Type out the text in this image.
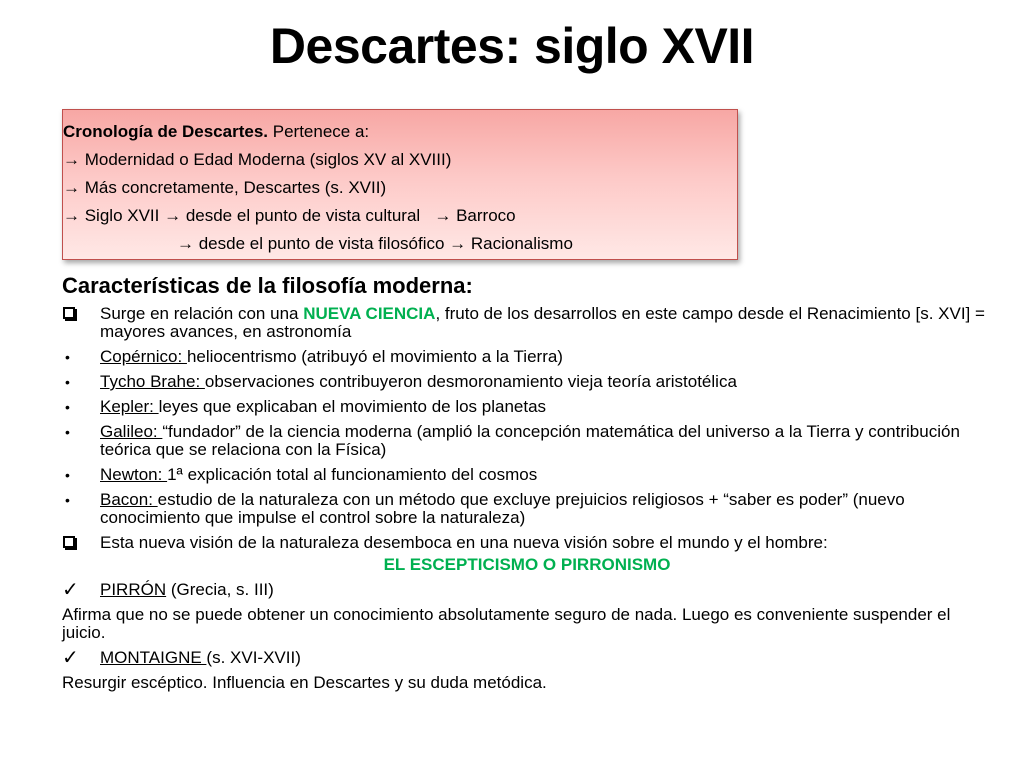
Descartes: siglo XVII
Cronología de Descartes. Pertenece a:
→ Modernidad o Edad Moderna (siglos XV al XVIII)
→ Más concretamente, Descartes (s. XVII)
→ Siglo XVII → desde el punto de vista cultural   → Barroco
→ desde el punto de vista filosófico → Racionalismo
Características de la filosofía moderna:
Surge en relación con una NUEVA CIENCIA, fruto de los desarrollos en este campo desde el Renacimiento [s. XVI] = mayores avances, en astronomía
•	Copérnico: heliocentrismo (atribuyó el movimiento a la Tierra)
•	Tycho Brahe: observaciones contribuyeron desmoronamiento vieja teoría aristotélica
•	Kepler: leyes que explicaban el movimiento de los planetas
•	Galileo: “fundador” de la ciencia moderna (amplió la concepción matemática del universo a la Tierra y contribución teórica que se relaciona con la Física)
•	Newton: 1ª explicación total al funcionamiento del cosmos
•	Bacon: estudio de la naturaleza con un método que excluye prejuicios religiosos + “saber es poder” (nuevo conocimiento que impulse el control sobre la naturaleza)
Esta nueva visión de la naturaleza desemboca en una nueva visión sobre el mundo y el hombre:
EL ESCEPTICISMO O PIRRONISMO
✓	PIRRÓN (Grecia, s. III)
Afirma que no se puede obtener un conocimiento absolutamente seguro de nada. Luego es conveniente suspender el juicio.
✓	MONTAIGNE (s. XVI-XVII)
Resurgir escéptico. Influencia en Descartes y su duda metódica.
